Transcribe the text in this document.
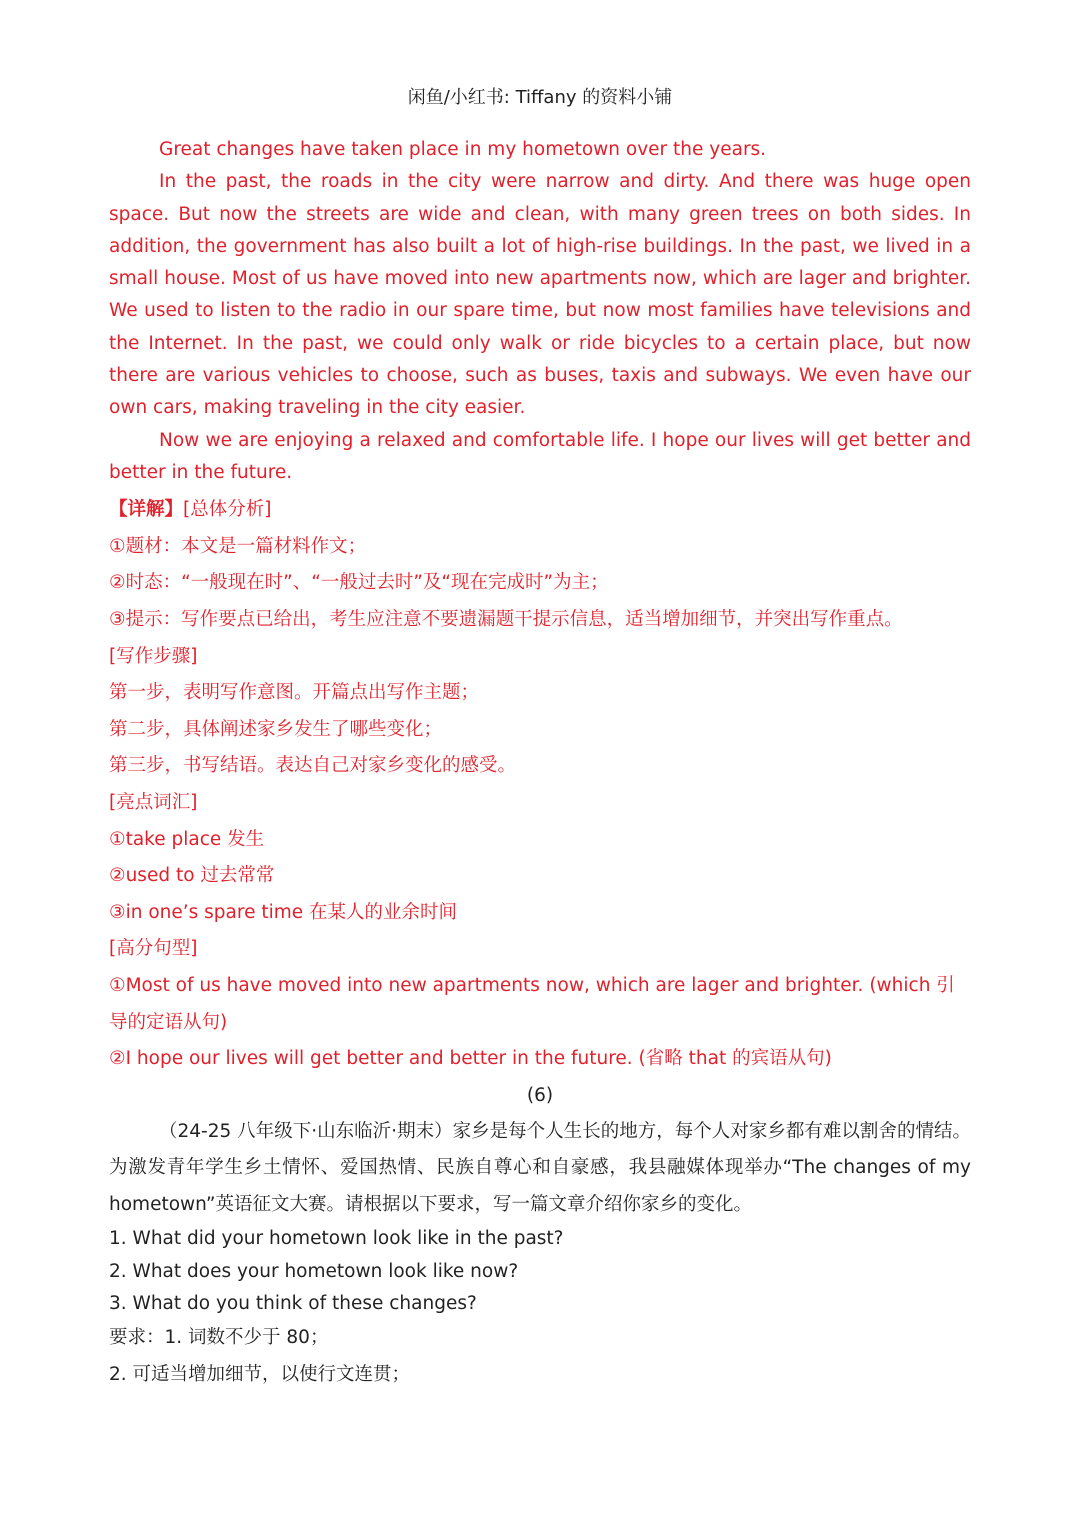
闲鱼/小红书: Tiffany 的资料小铺

Great changes have taken place in my hometown over the years.

In the past, the roads in the city were narrow and dirty. And there was huge open space. But now the streets are wide and clean, with many green trees on both sides. In addition, the government has also built a lot of high-rise buildings. In the past, we lived in a small house. Most of us have moved into new apartments now, which are lager and brighter. We used to listen to the radio in our spare time, but now most families have televisions and the Internet. In the past, we could only walk or ride bicycles to a certain place, but now there are various vehicles to choose, such as buses, taxis and subways. We even have our own cars, making traveling in the city easier.

Now we are enjoying a relaxed and comfortable life. I hope our lives will get better and better in the future.

【详解】[总体分析]

①题材：本文是一篇材料作文；

②时态：“一般现在时”、“一般过去时”及“现在完成时”为主；

③提示：写作要点已给出，考生应注意不要遗漏题干提示信息，适当增加细节，并突出写作重点。

[写作步骤]

第一步，表明写作意图。开篇点出写作主题；

第二步，具体阐述家乡发生了哪些变化；

第三步，书写结语。表达自己对家乡变化的感受。

[亮点词汇]

①take place 发生

②used to 过去常常

③in one’s spare time 在某人的业余时间

[高分句型]

①Most of us have moved into new apartments now, which are lager and brighter. (which 引导的定语从句)

②I hope our lives will get better and better in the future. (省略 that 的宾语从句)

(6)

（24-25 八年级下·山东临沂·期末）家乡是每个人生长的地方，每个人对家乡都有难以割舍的情结。为激发青年学生乡土情怀、爱国热情、民族自尊心和自豪感，我县融媒体现举办“The changes of my hometown”英语征文大赛。请根据以下要求，写一篇文章介绍你家乡的变化。

1. What did your hometown look like in the past?

2. What does your hometown look like now?

3. What do you think of these changes?

要求：1. 词数不少于 80；

2. 可适当增加细节，以使行文连贯；
